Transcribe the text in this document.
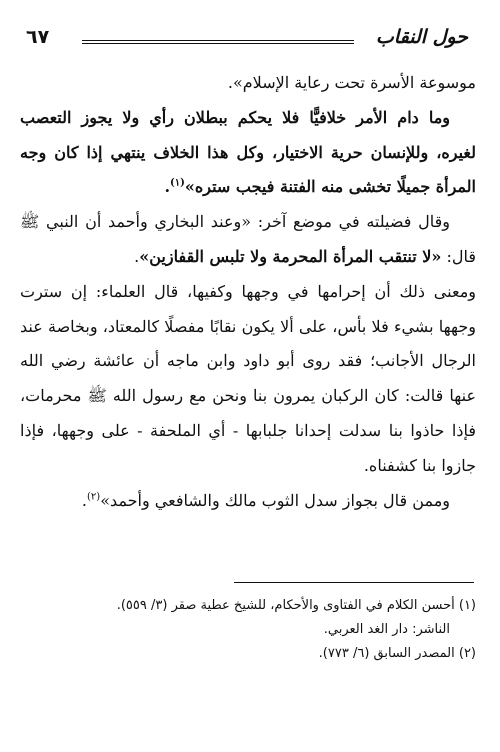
حول النقاب
٦٧

موسوعة الأسرة تحت رعاية الإسلام».

وما دام الأمر خلافيًّا فلا يحكم ببطلان رأي ولا يجوز التعصب لغيره، وللإنسان حرية الاختيار، وكل هذا الخلاف ينتهي إذا كان وجه المرأة جميلًا تخشى منه الفتنة فيجب ستره»$^{(١)}$.

وقال فضيلته في موضع آخر: «وعند البخاري وأحمد أن النبي ﷺ قال: «لا تنتقب المرأة المحرمة ولا تلبس القفازين».

ومعنى ذلك أن إحرامها في وجهها وكفيها، قال العلماء: إن سترت وجهها بشيء فلا بأس، على ألا يكون نقابًا مفصلًا كالمعتاد، وبخاصة عند الرجال الأجانب؛ فقد روى أبو داود وابن ماجه أن عائشة رضي الله عنها قالت: كان الركبان يمرون بنا ونحن مع رسول الله ﷺ محرمات، فإذا حاذوا بنا سدلت إحدانا جلبابها - أي الملحفة - على وجهها، فإذا جازوا بنا كشفناه.

وممن قال بجواز سدل الثوب مالك والشافعي وأحمد»$^{(٢)}$.

(١) أحسن الكلام في الفتاوى والأحكام، للشيخ عطية صقر (٣/ ٥٥٩).
الناشر: دار الغد العربي.
(٢) المصدر السابق (٦/ ٧٧٣).
